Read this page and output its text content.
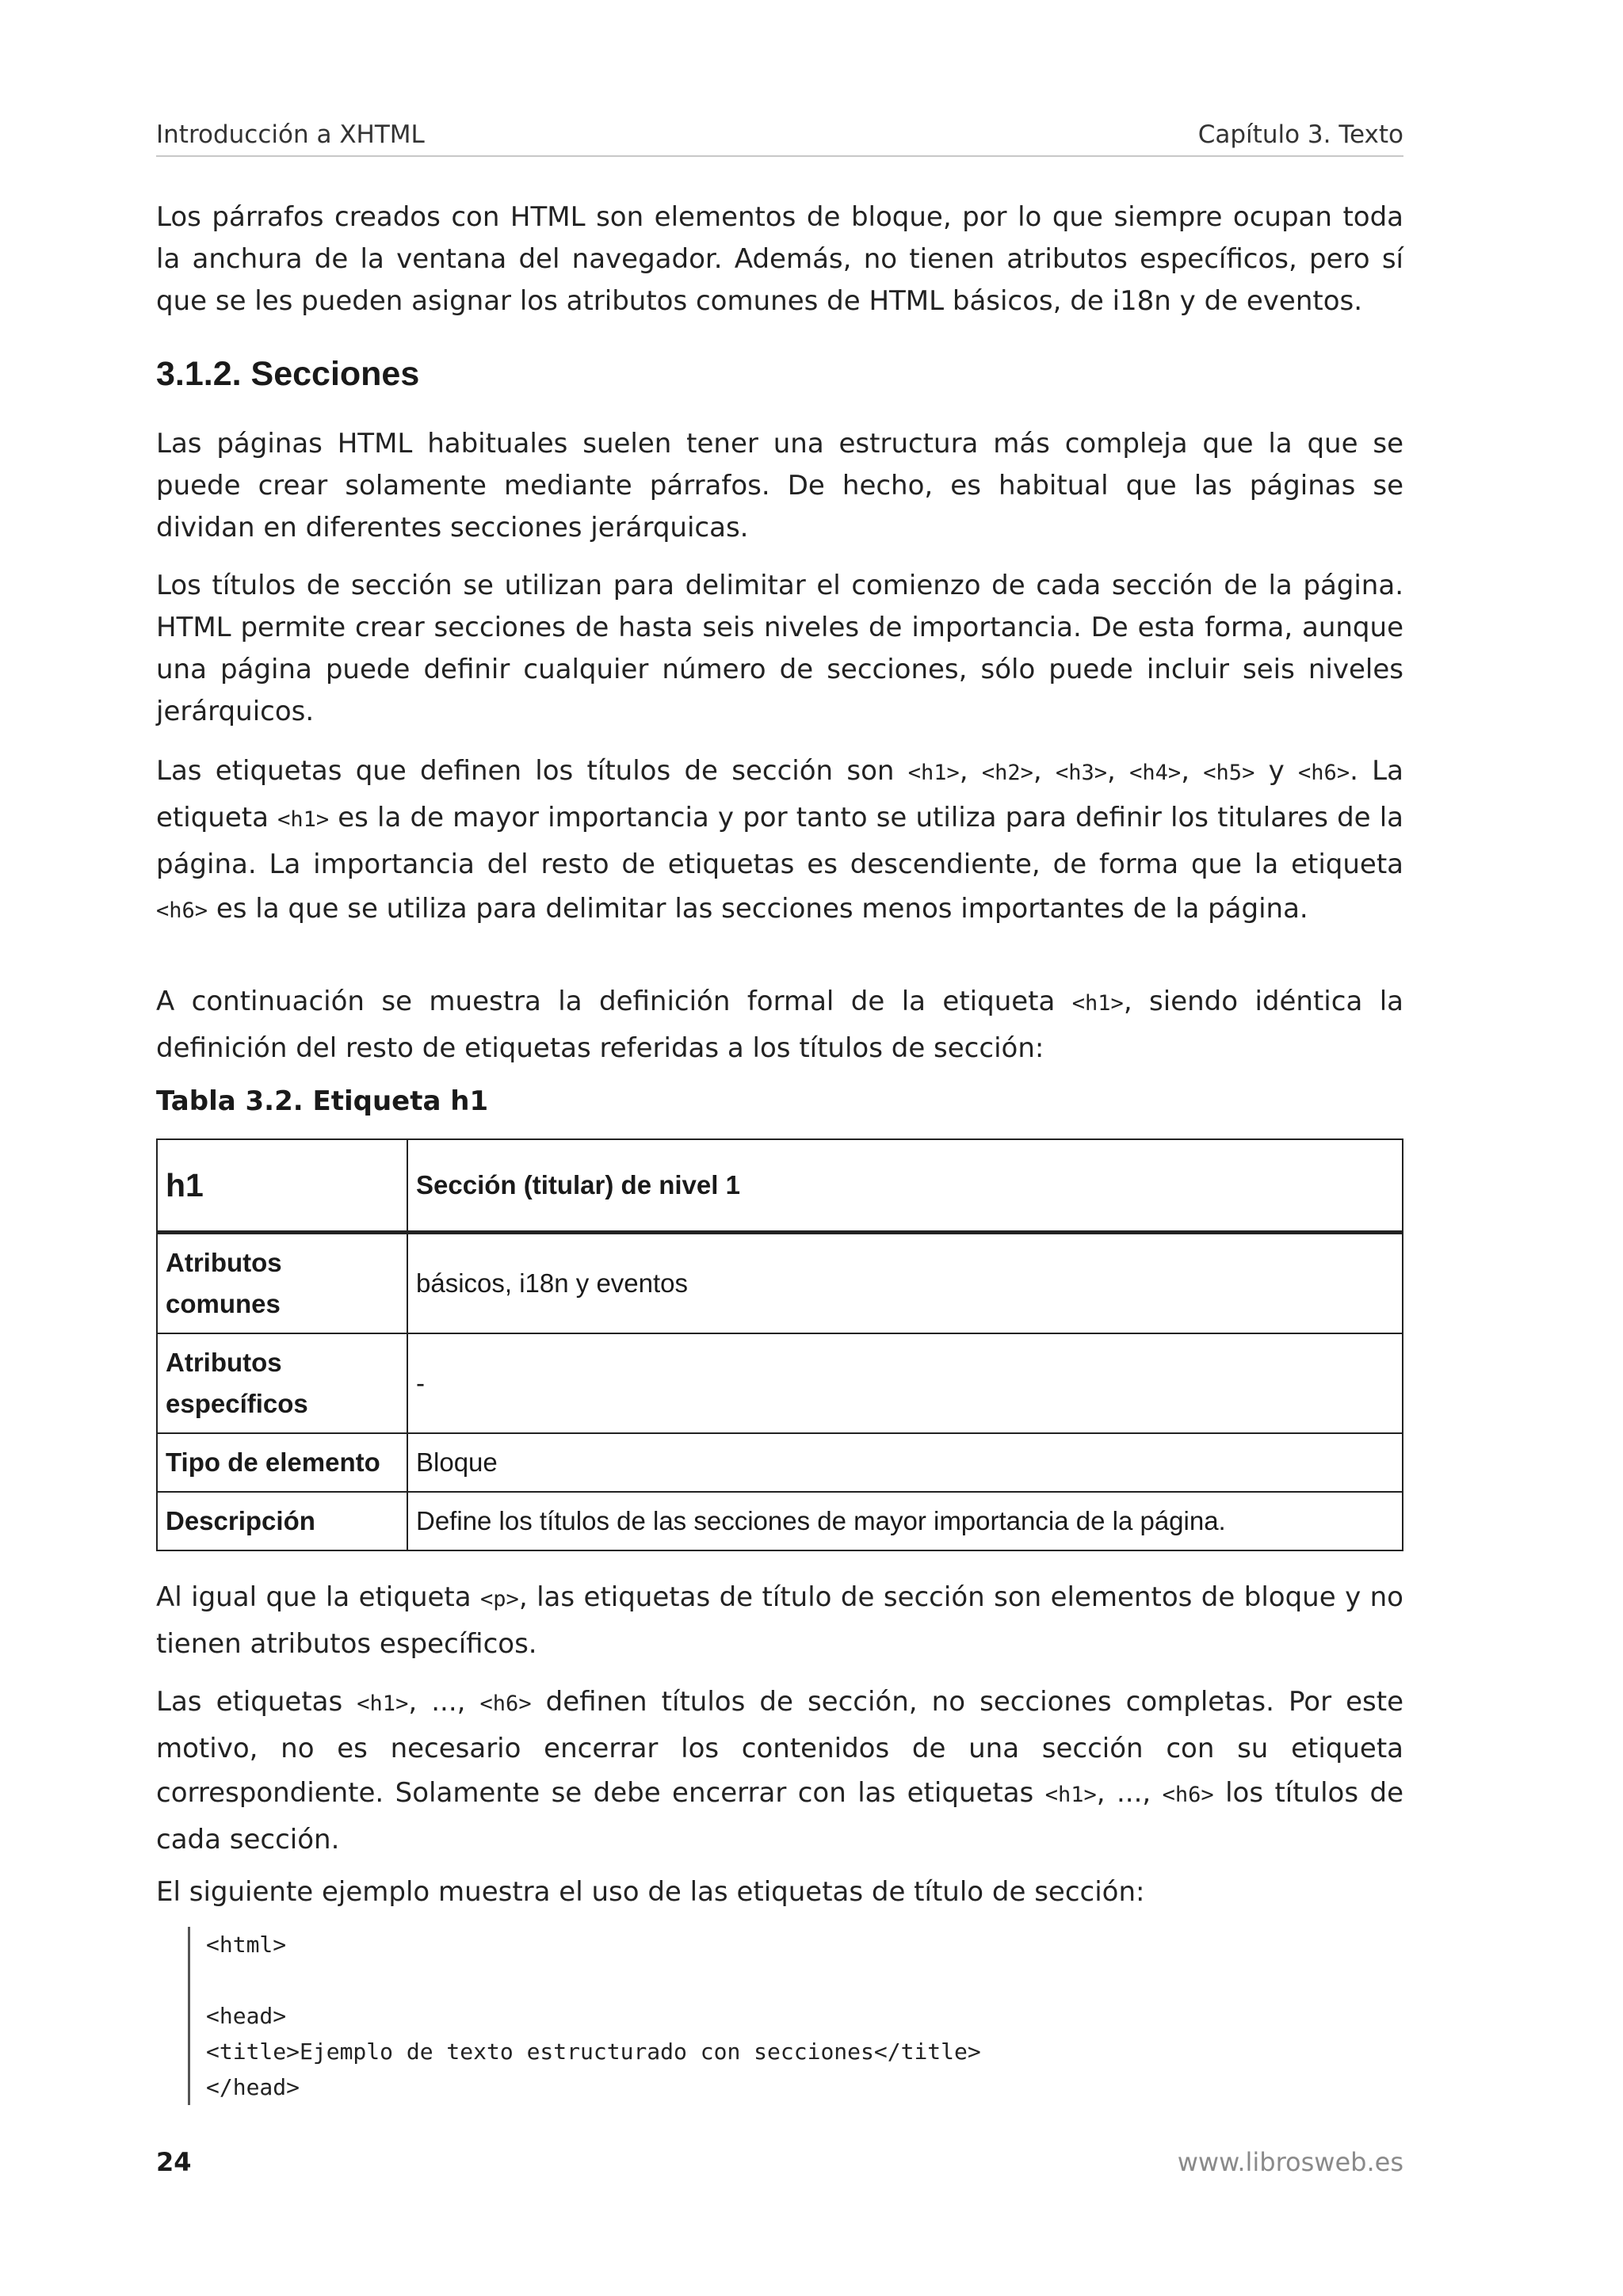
Introducción a XHTML	Capítulo 3. Texto
Los párrafos creados con HTML son elementos de bloque, por lo que siempre ocupan toda la anchura de la ventana del navegador. Además, no tienen atributos específicos, pero sí que se les pueden asignar los atributos comunes de HTML básicos, de i18n y de eventos.
3.1.2. Secciones
Las páginas HTML habituales suelen tener una estructura más compleja que la que se puede crear solamente mediante párrafos. De hecho, es habitual que las páginas se dividan en diferentes secciones jerárquicas.
Los títulos de sección se utilizan para delimitar el comienzo de cada sección de la página. HTML permite crear secciones de hasta seis niveles de importancia. De esta forma, aunque una página puede definir cualquier número de secciones, sólo puede incluir seis niveles jerárquicos.
Las etiquetas que definen los títulos de sección son <h1>, <h2>, <h3>, <h4>, <h5> y <h6>. La etiqueta <h1> es la de mayor importancia y por tanto se utiliza para definir los titulares de la página. La importancia del resto de etiquetas es descendiente, de forma que la etiqueta <h6> es la que se utiliza para delimitar las secciones menos importantes de la página.
A continuación se muestra la definición formal de la etiqueta <h1>, siendo idéntica la definición del resto de etiquetas referidas a los títulos de sección:
Tabla 3.2. Etiqueta h1
h1	Sección (titular) de nivel 1
Atributos comunes	básicos, i18n y eventos
Atributos específicos	-
Tipo de elemento	Bloque
Descripción	Define los títulos de las secciones de mayor importancia de la página.
Al igual que la etiqueta <p>, las etiquetas de título de sección son elementos de bloque y no tienen atributos específicos.
Las etiquetas <h1>, ..., <h6> definen títulos de sección, no secciones completas. Por este motivo, no es necesario encerrar los contenidos de una sección con su etiqueta correspondiente. Solamente se debe encerrar con las etiquetas <h1>, ..., <h6> los títulos de cada sección.
El siguiente ejemplo muestra el uso de las etiquetas de título de sección:
<html>
<head>
<title>Ejemplo de texto estructurado con secciones</title>
</head>
24	www.librosweb.es
